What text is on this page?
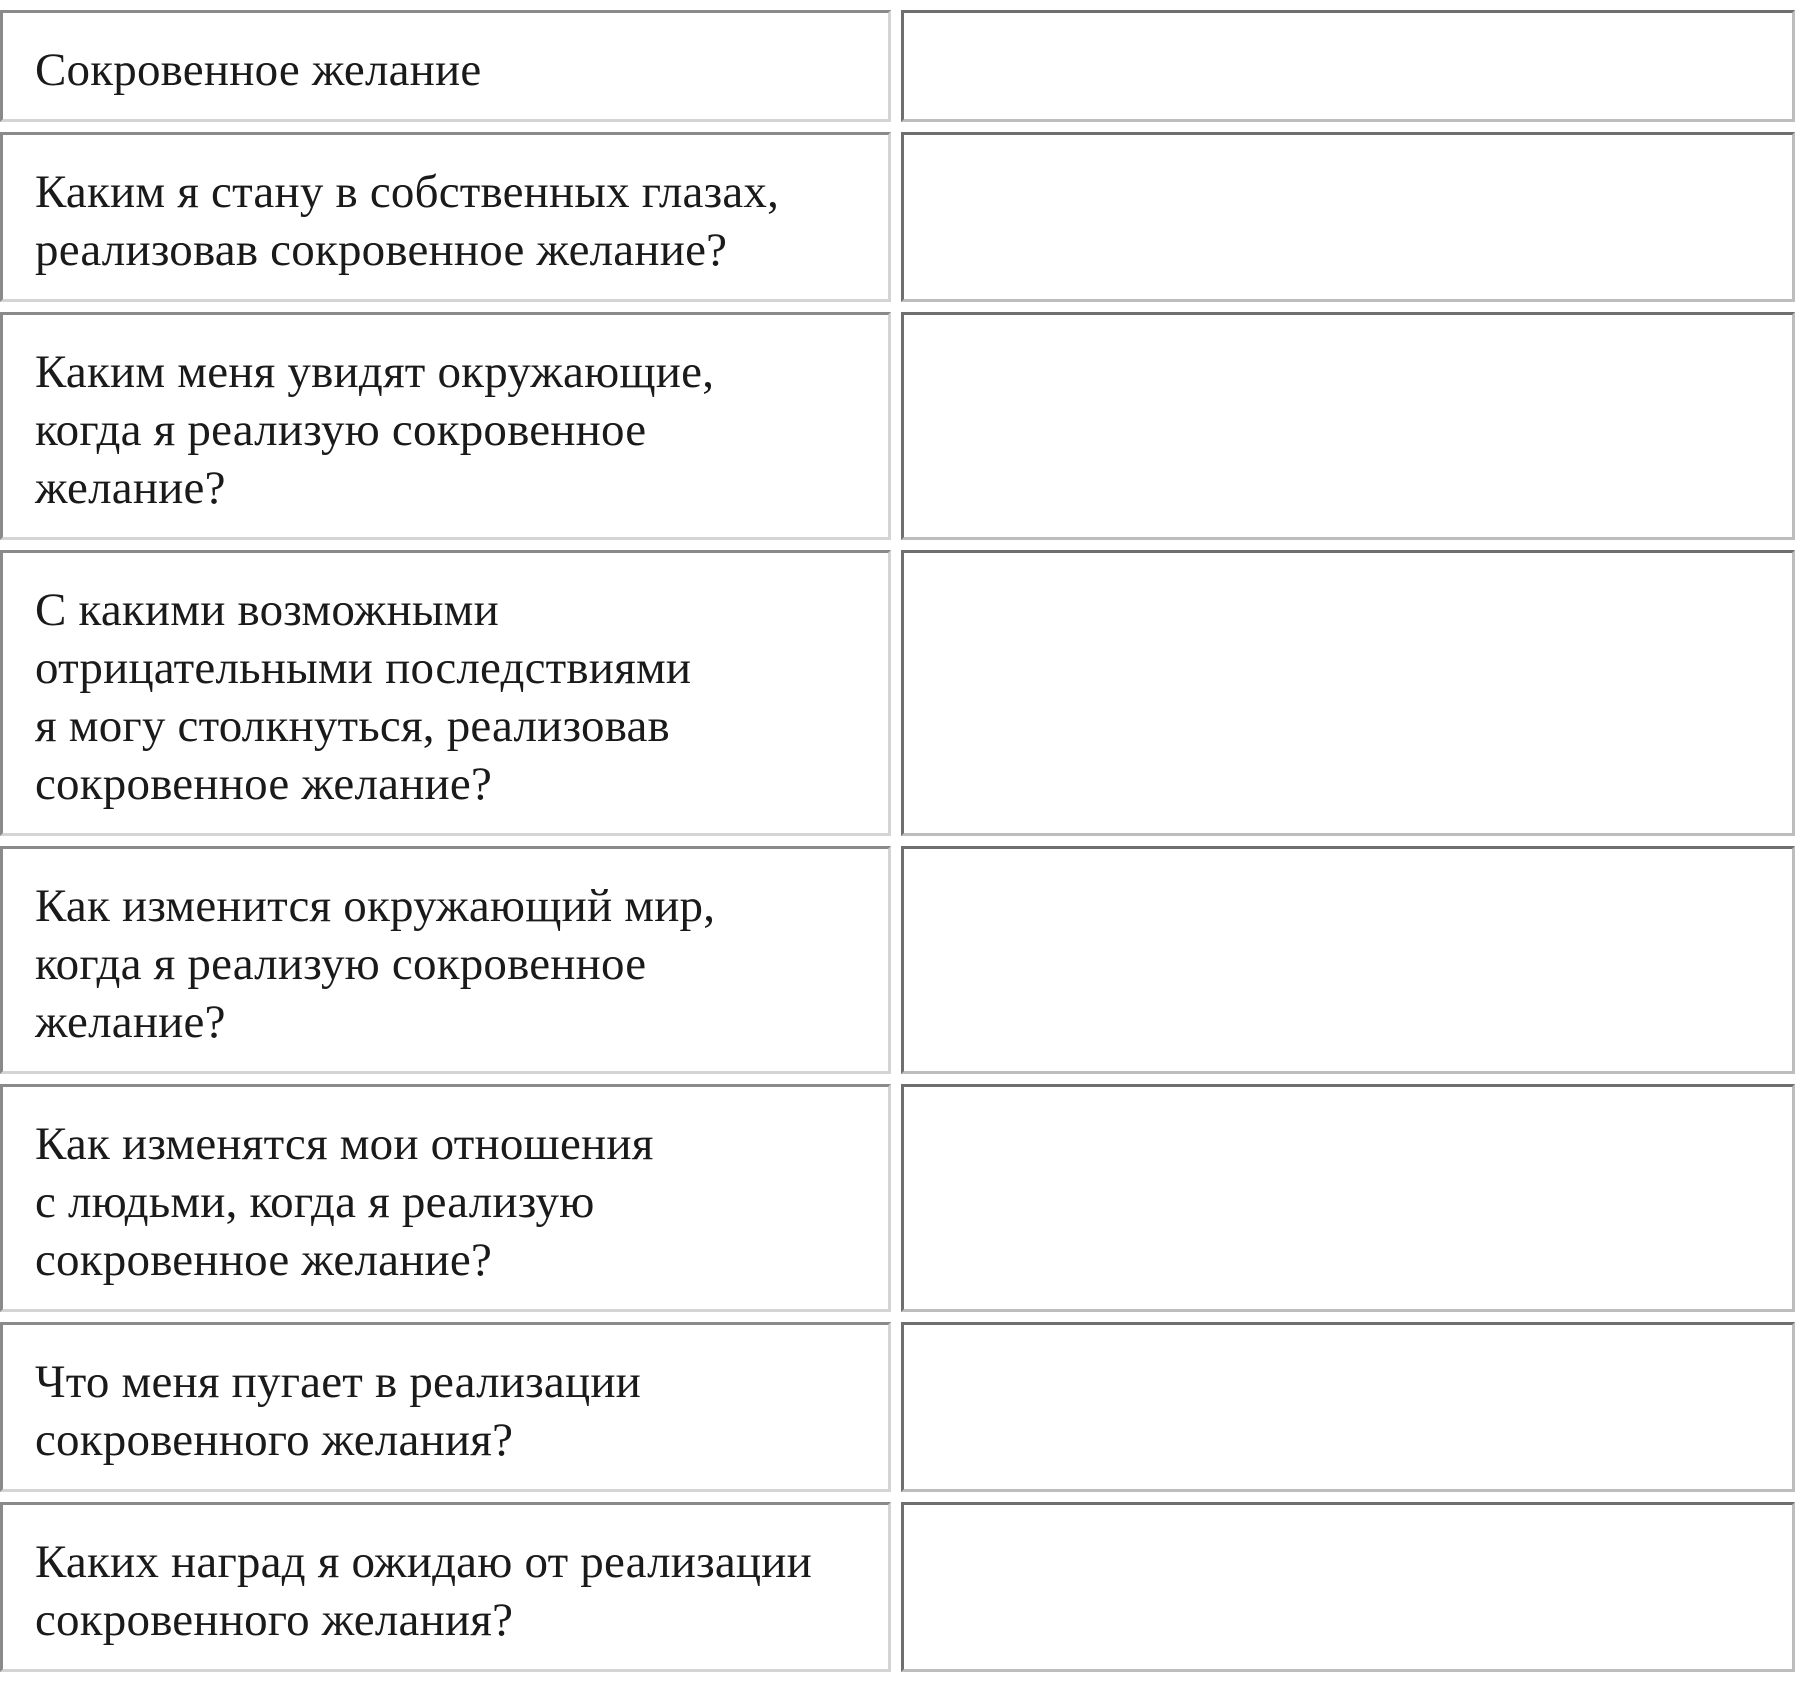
Сокровенное желание	

Каким я стану в собственных глазах,
реализовав сокровенное желание?	

Каким меня увидят окружающие,
когда я реализую сокровенное
желание?	

С какими возможными
отрицательными последствиями
я могу столкнуться, реализовав
сокровенное желание?	

Как изменится окружающий мир,
когда я реализую сокровенное
желание?	

Как изменятся мои отношения
с людьми, когда я реализую
сокровенное желание?	

Что меня пугает в реализации
сокровенного желания?	

Каких наград я ожидаю от реализации
сокровенного желания?	
